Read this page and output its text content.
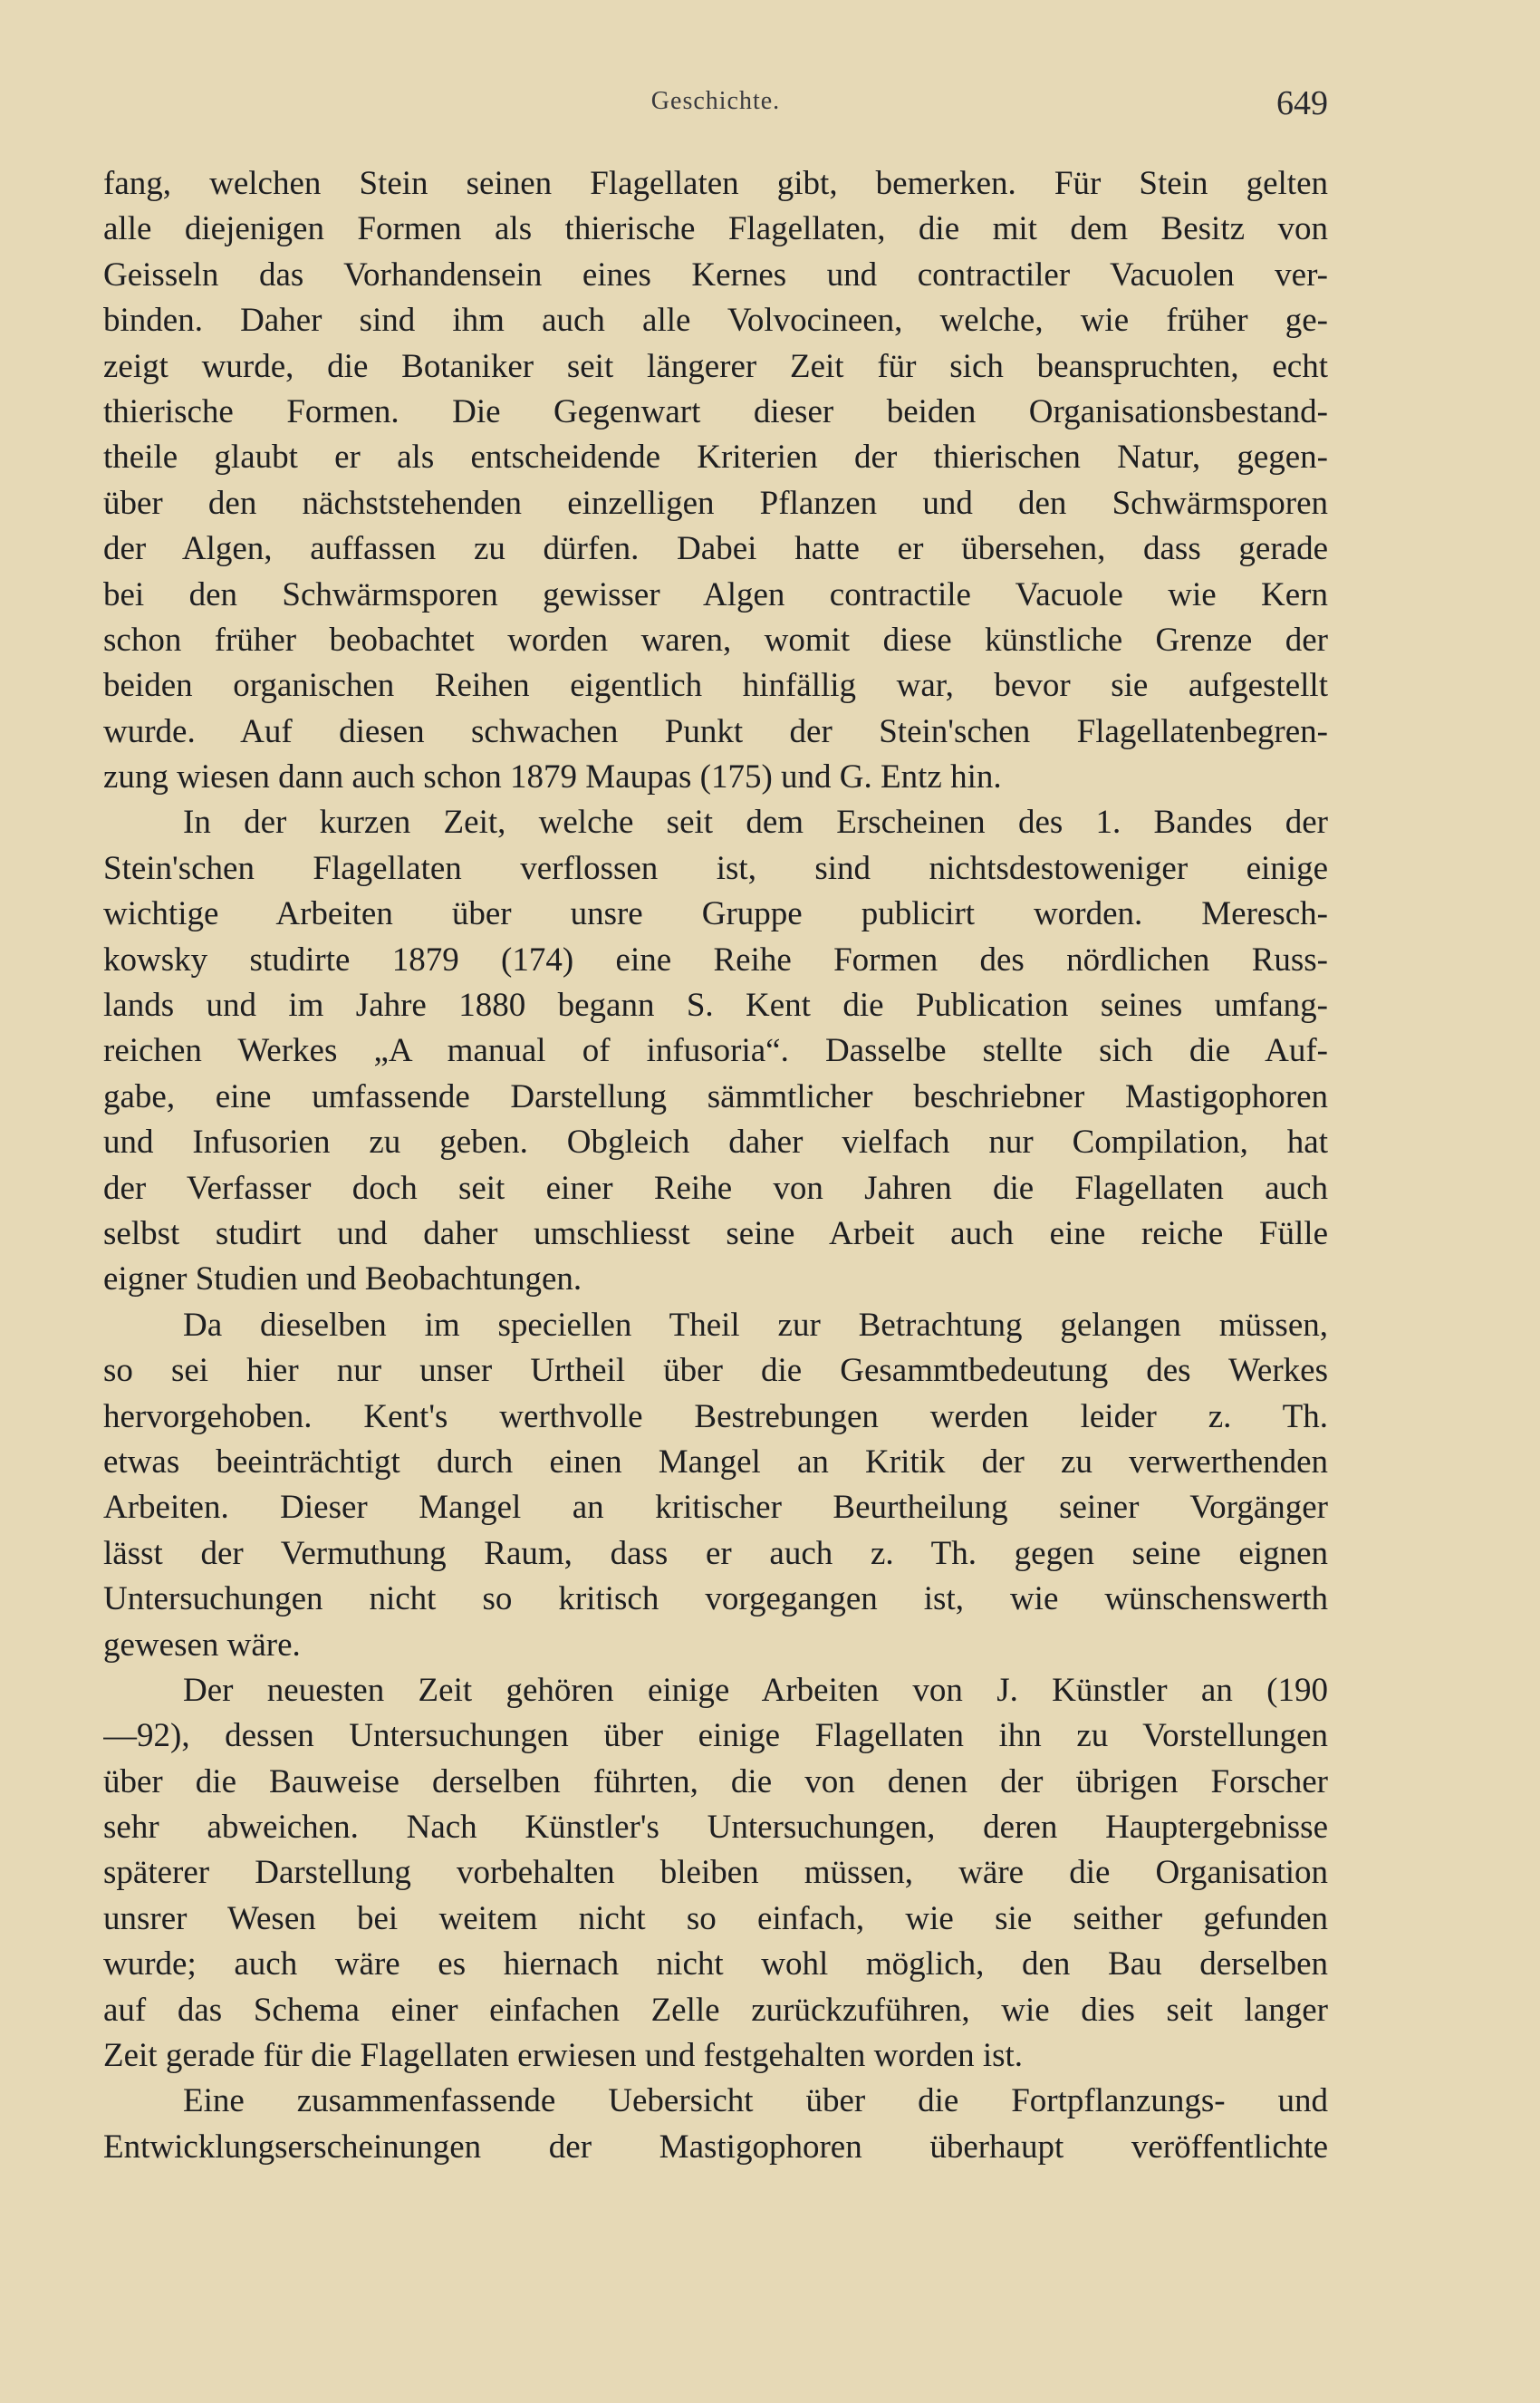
Geschichte.	649
fang, welchen Stein seinen Flagellaten gibt, bemerken. Für Stein gelten
alle diejenigen Formen als thierische Flagellaten, die mit dem Besitz von
Geisseln das Vorhandensein eines Kernes und contractiler Vacuolen ver-
binden. Daher sind ihm auch alle Volvocineen, welche, wie früher ge-
zeigt wurde, die Botaniker seit längerer Zeit für sich beanspruchten, echt
thierische Formen. Die Gegenwart dieser beiden Organisationsbestand-
theile glaubt er als entscheidende Kriterien der thierischen Natur, gegen-
über den nächststehenden einzelligen Pflanzen und den Schwärmsporen
der Algen, auffassen zu dürfen. Dabei hatte er übersehen, dass gerade
bei den Schwärmsporen gewisser Algen contractile Vacuole wie Kern
schon früher beobachtet worden waren, womit diese künstliche Grenze der
beiden organischen Reihen eigentlich hinfällig war, bevor sie aufgestellt
wurde. Auf diesen schwachen Punkt der Stein'schen Flagellatenbegren-
zung wiesen dann auch schon 1879 Maupas (175) und G. Entz hin.
In der kurzen Zeit, welche seit dem Erscheinen des 1. Bandes der
Stein'schen Flagellaten verflossen ist, sind nichtsdestoweniger einige
wichtige Arbeiten über unsre Gruppe publicirt worden. Meresch-
kowsky studirte 1879 (174) eine Reihe Formen des nördlichen Russ-
lands und im Jahre 1880 begann S. Kent die Publication seines umfang-
reichen Werkes „A manual of infusoria“. Dasselbe stellte sich die Auf-
gabe, eine umfassende Darstellung sämmtlicher beschriebner Mastigophoren
und Infusorien zu geben. Obgleich daher vielfach nur Compilation, hat
der Verfasser doch seit einer Reihe von Jahren die Flagellaten auch
selbst studirt und daher umschliesst seine Arbeit auch eine reiche Fülle
eigner Studien und Beobachtungen.
Da dieselben im speciellen Theil zur Betrachtung gelangen müssen,
so sei hier nur unser Urtheil über die Gesammtbedeutung des Werkes
hervorgehoben. Kent's werthvolle Bestrebungen werden leider z. Th.
etwas beeinträchtigt durch einen Mangel an Kritik der zu verwerthenden
Arbeiten. Dieser Mangel an kritischer Beurtheilung seiner Vorgänger
lässt der Vermuthung Raum, dass er auch z. Th. gegen seine eignen
Untersuchungen nicht so kritisch vorgegangen ist, wie wünschenswerth
gewesen wäre.
Der neuesten Zeit gehören einige Arbeiten von J. Künstler an (190
—92), dessen Untersuchungen über einige Flagellaten ihn zu Vorstellungen
über die Bauweise derselben führten, die von denen der übrigen Forscher
sehr abweichen. Nach Künstler's Untersuchungen, deren Hauptergebnisse
späterer Darstellung vorbehalten bleiben müssen, wäre die Organisation
unsrer Wesen bei weitem nicht so einfach, wie sie seither gefunden
wurde; auch wäre es hiernach nicht wohl möglich, den Bau derselben
auf das Schema einer einfachen Zelle zurückzuführen, wie dies seit langer
Zeit gerade für die Flagellaten erwiesen und festgehalten worden ist.
Eine zusammenfassende Uebersicht über die Fortpflanzungs- und
Entwicklungserscheinungen der Mastigophoren überhaupt veröffentlichte
